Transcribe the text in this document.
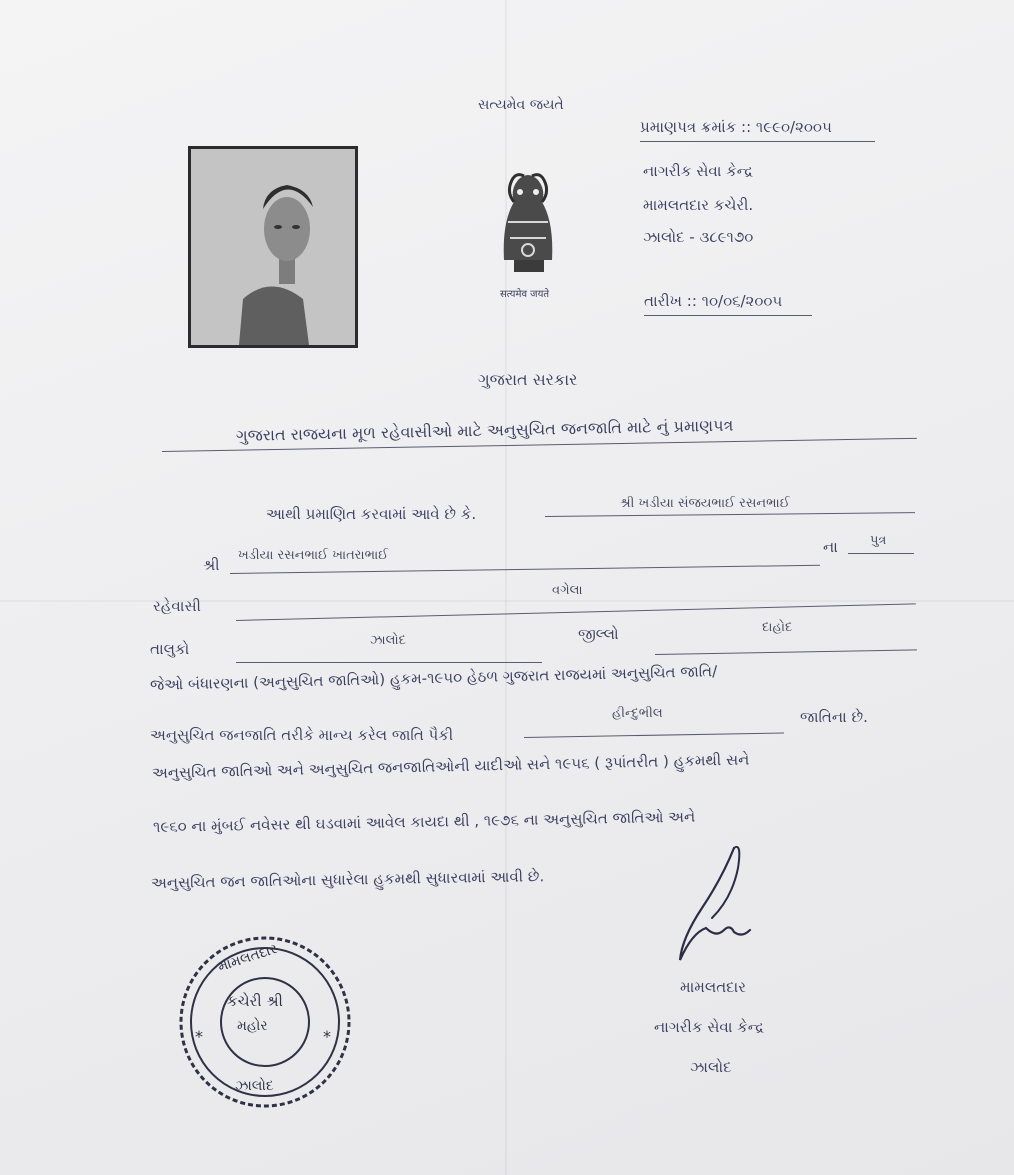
સત્યમેવ જયતે
सत्यमेव जयते
પ્રમાણપત્ર ક્રમાંક :: ૧૯૯૦/૨૦૦૫
નાગરીક સેવા કેન્દ્ર
મામલતદાર કચેરી.
ઝાલોદ - ૩૮૯૧૭૦
તારીખ :: ૧૦/૦૬/૨૦૦૫
ગુજરાત સરકાર
ગુજરાત રાજયના મૂળ રહેવાસીઓ માટે અનુસુચિત જનજાતિ માટે નું પ્રમાણપત્ર
આથી પ્રમાણિત કરવામાં આવે છે કે.
શ્રી ખડીયા સંજયભાઈ રસનભાઈ
શ્રી
ખડીયા રસનભાઈ ખાતરાભાઈ	ના પુત્ર
રહેવાસી
વગેલા
તાલુકો	ઝાલોદ	જીલ્લો	દાહોદ
જેઓ બંધારણના (અનુસુચિત જાતિઓ) હુકમ-૧૯૫૦ હેઠળ ગુજરાત રાજયમાં અનુસુચિત જાતિ/
અનુસુચિત જનજાતિ તરીકે માન્ય કરેલ જાતિ પૈકી
હીન્દુભીલ	જાતિના છે.
અનુસુચિત જાતિઓ અને અનુસુચિત જનજાતિઓની યાદીઓ સને ૧૯૫૬ ( રૂપાંતરીત ) હુકમથી સને
૧૯૬૦ ના મુંબઈ નવેસર થી ઘડવામાં આવેલ કાયદા થી , ૧૯૭૬ ના અનુસુચિત જાતિઓ અને
અનુસુચિત જન જાતિઓના સુધારેલા હુકમથી સુધારવામાં આવી છે.
મામલતદાર
નાગરીક સેવા કેન્દ્ર
ઝાલોદ
*	*
મામલતદાર
કચેરી શ્રી
મહોર
ઝાલોદ
